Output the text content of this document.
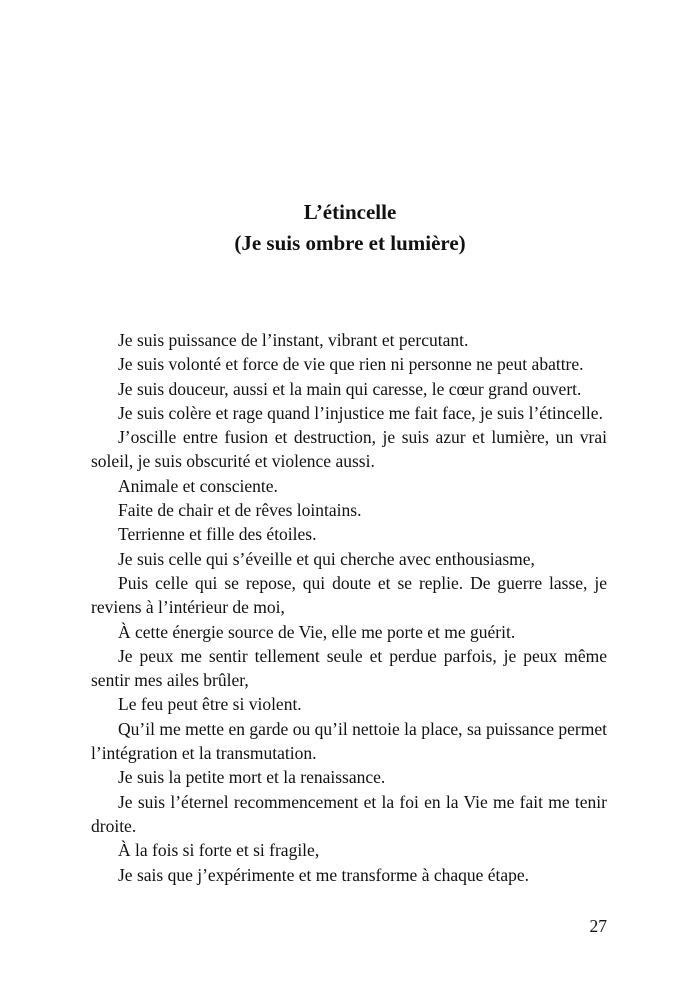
L’étincelle
(Je suis ombre et lumière)

Je suis puissance de l’instant, vibrant et percutant.

Je suis volonté et force de vie que rien ni personne ne peut abattre.

Je suis douceur, aussi et la main qui caresse, le cœur grand ouvert.

Je suis colère et rage quand l’injustice me fait face, je suis l’étincelle.

J’oscille entre fusion et destruction, je suis azur et lumière, un vrai soleil, je suis obscurité et violence aussi.

Animale et consciente.

Faite de chair et de rêves lointains.

Terrienne et fille des étoiles.

Je suis celle qui s’éveille et qui cherche avec enthousiasme,

Puis celle qui se repose, qui doute et se replie. De guerre lasse, je reviens à l’intérieur de moi,

À cette énergie source de Vie, elle me porte et me guérit.

Je peux me sentir tellement seule et perdue parfois, je peux même sentir mes ailes brûler,

Le feu peut être si violent.

Qu’il me mette en garde ou qu’il nettoie la place, sa puissance permet l’intégration et la transmutation.

Je suis la petite mort et la renaissance.

Je suis l’éternel recommencement et la foi en la Vie me fait me tenir droite.

À la fois si forte et si fragile,

Je sais que j’expérimente et me transforme à chaque étape.

27
